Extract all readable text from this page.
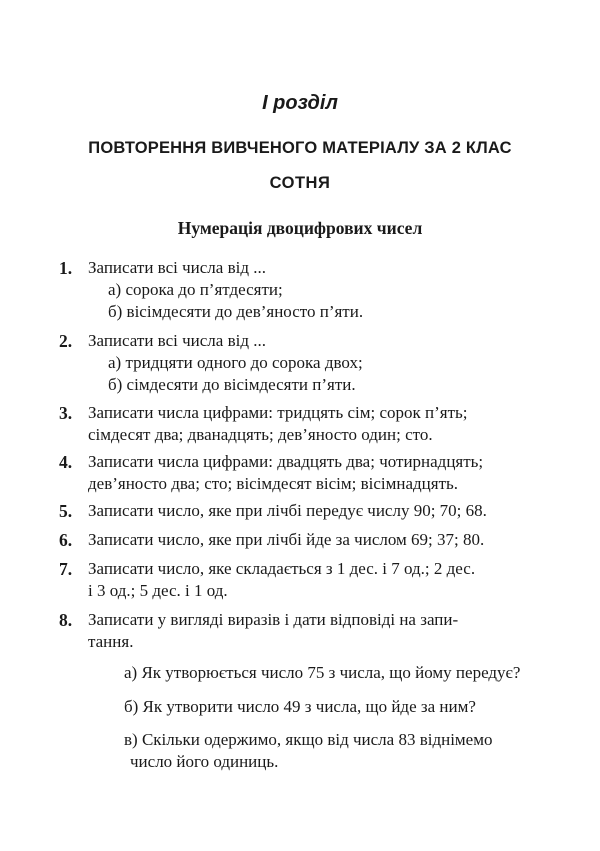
I розділ
ПОВТОРЕННЯ ВИВЧЕНОГО МАТЕРІАЛУ ЗА 2 КЛАС
СОТНЯ
Нумерація двоцифрових чисел
1. Записати всі числа від ...
а) сорока до п’ятдесяти;
б) вісімдесяти до дев’яносто п’яти.
2. Записати всі числа від ...
а) тридцяти одного до сорока двох;
б) сімдесяти до вісімдесяти п’яти.
3. Записати числа цифрами: тридцять сім; сорок п’ять;
сімдесят два; дванадцять; дев’яносто один; сто.
4. Записати числа цифрами: двадцять два; чотирнадцять;
дев’яносто два; сто; вісімдесят вісім; вісімнадцять.
5. Записати число, яке при лічбі передує числу 90; 70; 68.
6. Записати число, яке при лічбі йде за числом 69; 37; 80.
7. Записати число, яке складається з 1 дес. і 7 од.; 2 дес.
і 3 од.; 5 дес. і 1 од.
8. Записати у вигляді виразів і дати відповіді на запи-
тання.
а) Як утворюється число 75 з числа, що йому передує?
б) Як утворити число 49 з числа, що йде за ним?
в) Скільки одержимо, якщо від числа 83 віднімемо
число його одиниць.
